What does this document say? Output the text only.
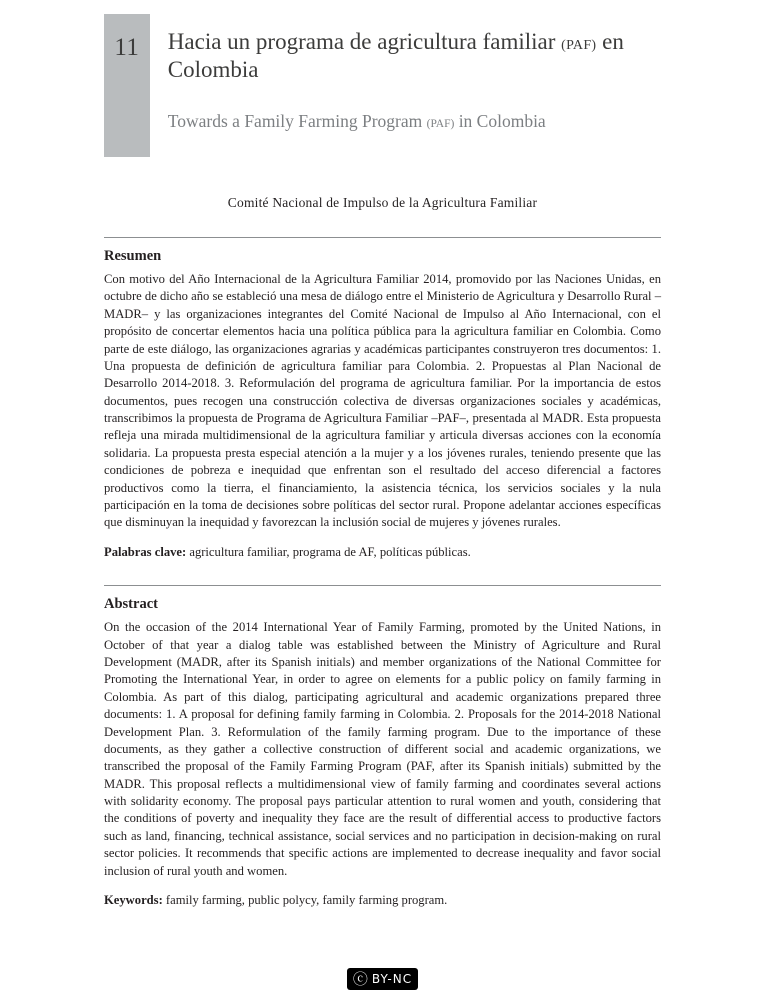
11 Hacia un programa de agricultura familiar (PAF) en Colombia
Towards a Family Farming Program (PAF) in Colombia
Comité Nacional de Impulso de la Agricultura Familiar
Resumen

Con motivo del Año Internacional de la Agricultura Familiar 2014, promovido por las Naciones Unidas, en octubre de dicho año se estableció una mesa de diálogo entre el Ministerio de Agricultura y Desarrollo Rural –MADR– y las organizaciones integrantes del Comité Nacional de Impulso al Año Internacional, con el propósito de concertar elementos hacia una política pública para la agricultura familiar en Colombia. Como parte de este diálogo, las organizaciones agrarias y académicas participantes construyeron tres documentos: 1. Una propuesta de definición de agricultura familiar para Colombia. 2. Propuestas al Plan Nacional de Desarrollo 2014-2018. 3. Reformulación del programa de agricultura familiar. Por la importancia de estos documentos, pues recogen una construcción colectiva de diversas organizaciones sociales y académicas, transcribimos la propuesta de Programa de Agricultura Familiar –PAF–, presentada al MADR. Esta propuesta refleja una mirada multidimensional de la agricultura familiar y articula diversas acciones con la economía solidaria. La propuesta presta especial atención a la mujer y a los jóvenes rurales, teniendo presente que las condiciones de pobreza e inequidad que enfrentan son el resultado del acceso diferencial a factores productivos como la tierra, el financiamiento, la asistencia técnica, los servicios sociales y la nula participación en la toma de decisiones sobre políticas del sector rural. Propone adelantar acciones específicas que disminuyan la inequidad y favorezcan la inclusión social de mujeres y jóvenes rurales.

Palabras clave: agricultura familiar, programa de AF, políticas públicas.

Abstract

On the occasion of the 2014 International Year of Family Farming, promoted by the United Nations, in October of that year a dialog table was established between the Ministry of Agriculture and Rural Development (MADR, after its Spanish initials) and member organizations of the National Committee for Promoting the International Year, in order to agree on elements for a public policy on family farming in Colombia. As part of this dialog, participating agricultural and academic organizations prepared three documents: 1. A proposal for defining family farming in Colombia. 2. Proposals for the 2014-2018 National Development Plan. 3. Reformulation of the family farming program. Due to the importance of these documents, as they gather a collective construction of different social and academic organizations, we transcribed the proposal of the Family Farming Program (PAF, after its Spanish initials) submitted by the MADR. This proposal reflects a multidimensional view of family farming and coordinates several actions with solidarity economy. The proposal pays particular attention to rural women and youth, considering that the conditions of poverty and inequality they face are the result of differential access to productive factors such as land, financing, technical assistance, social services and no participation in decision-making on rural sector policies. It recommends that specific actions are implemented to decrease inequality and favor social inclusion of rural youth and women.

Keywords: family farming, public polycy, family farming program.

ⓒ BY-NC
